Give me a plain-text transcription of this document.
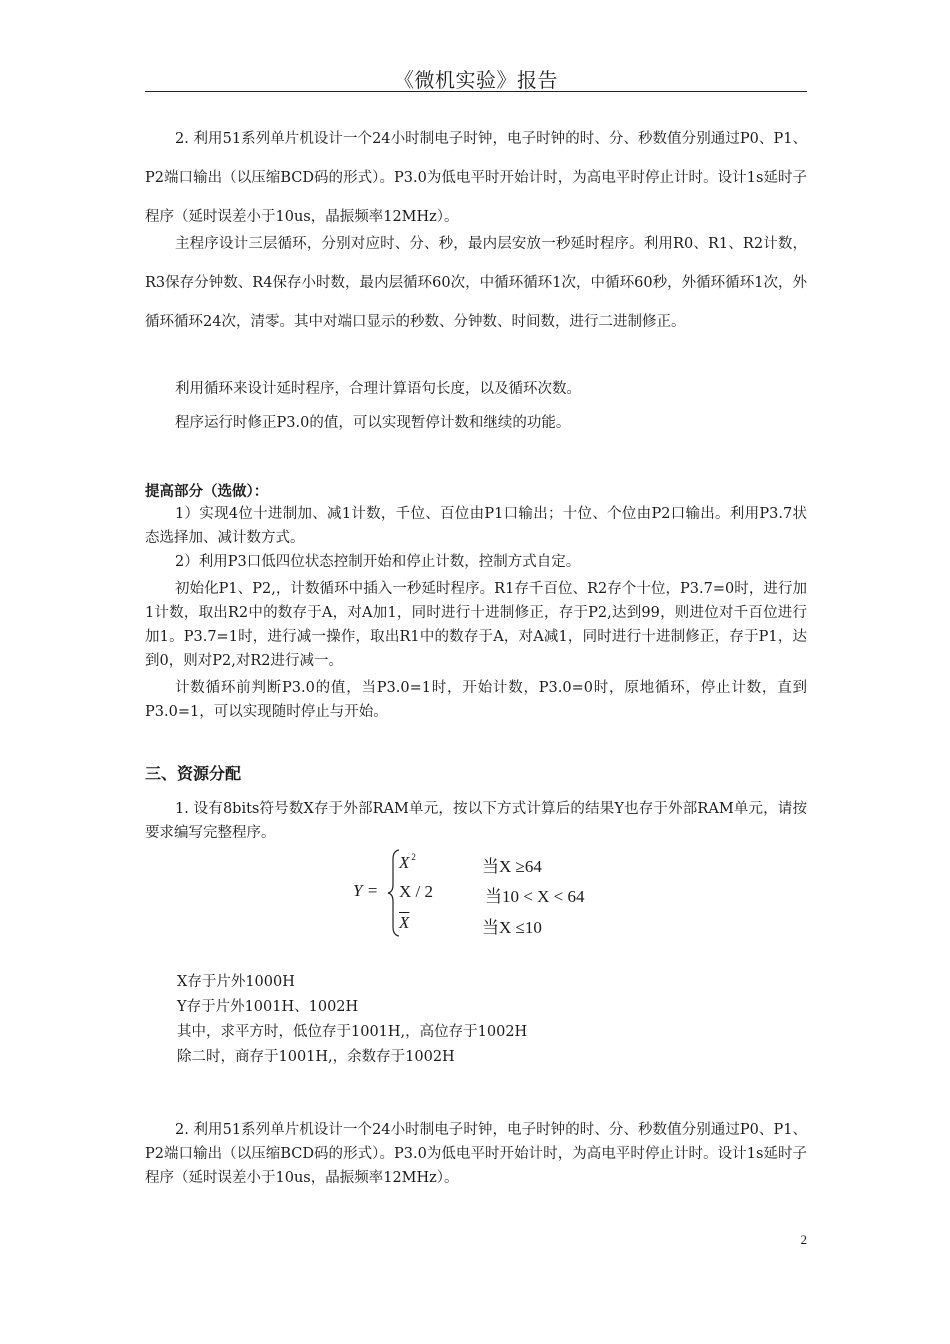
《微机实验》报告
2. 利用51系列单片机设计一个24小时制电子时钟，电子时钟的时、分、秒数值分别通过P0、P1、P2端口输出（以压缩BCD码的形式）。P3.0为低电平时开始计时，为高电平时停止计时。设计1s延时子程序（延时误差小于10us，晶振频率12MHz）。
主程序设计三层循环，分别对应时、分、秒，最内层安放一秒延时程序。利用R0、R1、R2计数，R3保存分钟数、R4保存小时数，最内层循环60次，中循环循环1次，中循环60秒，外循环循环1次，外循环循环24次，清零。其中对端口显示的秒数、分钟数、时间数，进行二进制修正。
利用循环来设计延时程序，合理计算语句长度，以及循环次数。
程序运行时修正P3.0的值，可以实现暂停计数和继续的功能。
提高部分（选做）：
1）实现4位十进制加、减1计数，千位、百位由P1口输出；十位、个位由P2口输出。利用P3.7状态选择加、减计数方式。
2）利用P3口低四位状态控制开始和停止计数，控制方式自定。
初始化P1、P2,，计数循环中插入一秒延时程序。R1存千百位、R2存个十位，P3.7=0时，进行加1计数，取出R2中的数存于A，对A加1，同时进行十进制修正，存于P2,达到99，则进位对千百位进行加1。P3.7=1时，进行减一操作，取出R1中的数存于A，对A减1，同时进行十进制修正，存于P1，达到0，则对P2,对R2进行减一。
计数循环前判断P3.0的值，当P3.0=1时，开始计数，P3.0=0时，原地循环，停止计数，直到P3.0=1，可以实现随时停止与开始。
三、资源分配
1. 设有8bits符号数X存于外部RAM单元，按以下方式计算后的结果Y也存于外部RAM单元，请按要求编写完整程序。
Y =
X $^2$	当X ≥64
X / 2	当10 < X < 64
$\overline{X}$	当X ≤10
X存于片外1000H
Y存于片外1001H、1002H
其中，求平方时，低位存于1001H,，高位存于1002H
除二时，商存于1001H,，余数存于1002H
2. 利用51系列单片机设计一个24小时制电子时钟，电子时钟的时、分、秒数值分别通过P0、P1、P2端口输出（以压缩BCD码的形式）。P3.0为低电平时开始计时，为高电平时停止计时。设计1s延时子程序（延时误差小于10us，晶振频率12MHz）。
2
